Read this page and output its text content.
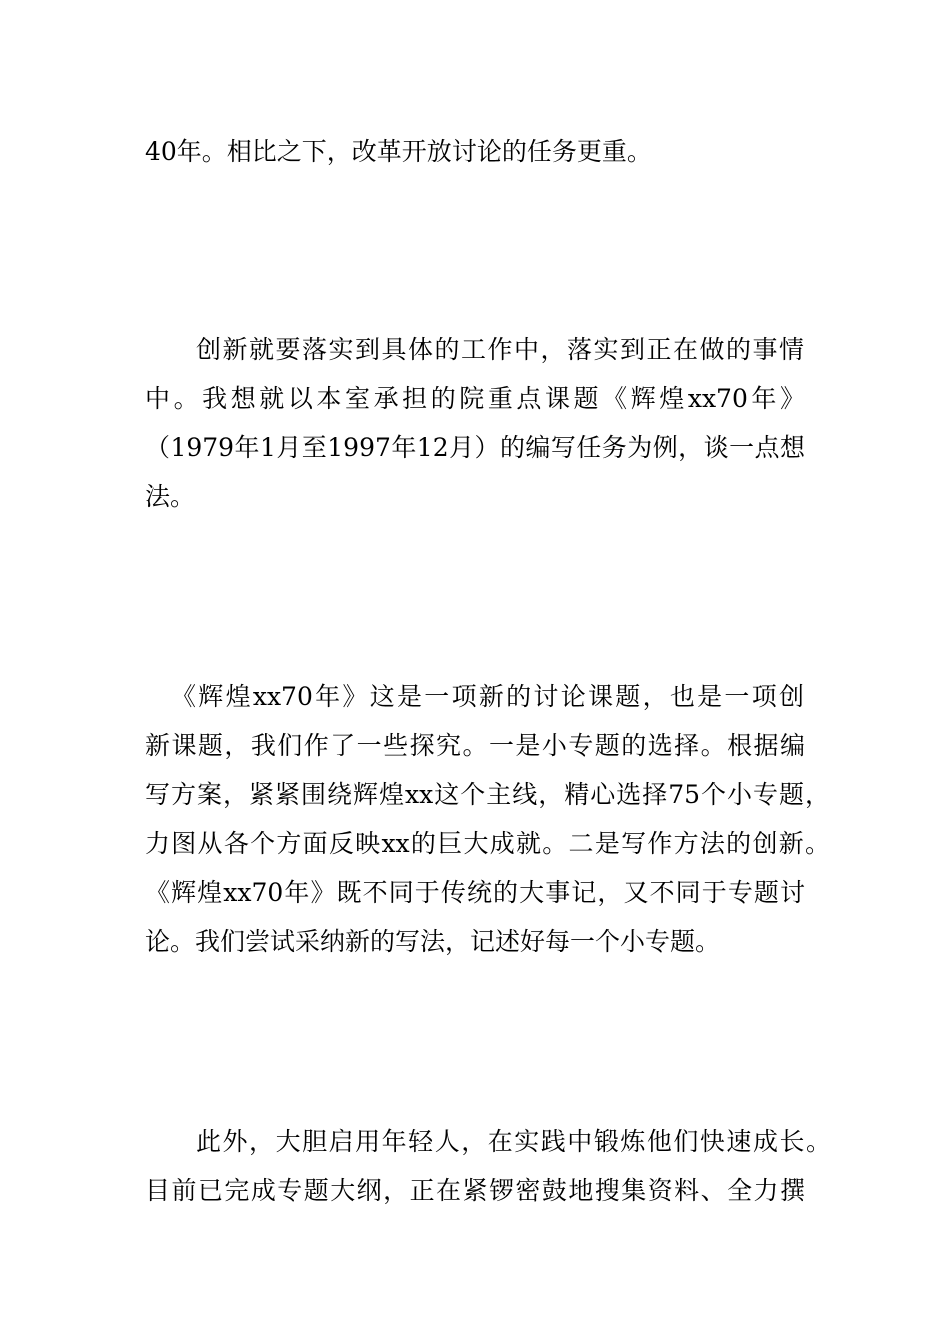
40年。相比之下，改革开放讨论的任务更重。
创新就要落实到具体的工作中，落实到正在做的事情
中。我想就以本室承担的院重点课题《辉煌xx70年》
（1979年1月至1997年12月）的编写任务为例，谈一点想
法。
《辉煌xx70年》这是一项新的讨论课题，也是一项创
新课题，我们作了一些探究。一是小专题的选择。根据编
写方案，紧紧围绕辉煌xx这个主线，精心选择75个小专题，
力图从各个方面反映xx的巨大成就。二是写作方法的创新。
《辉煌xx70年》既不同于传统的大事记，又不同于专题讨
论。我们尝试采纳新的写法，记述好每一个小专题。
此外，大胆启用年轻人，在实践中锻炼他们快速成长。
目前已完成专题大纲，正在紧锣密鼓地搜集资料、全力撰
